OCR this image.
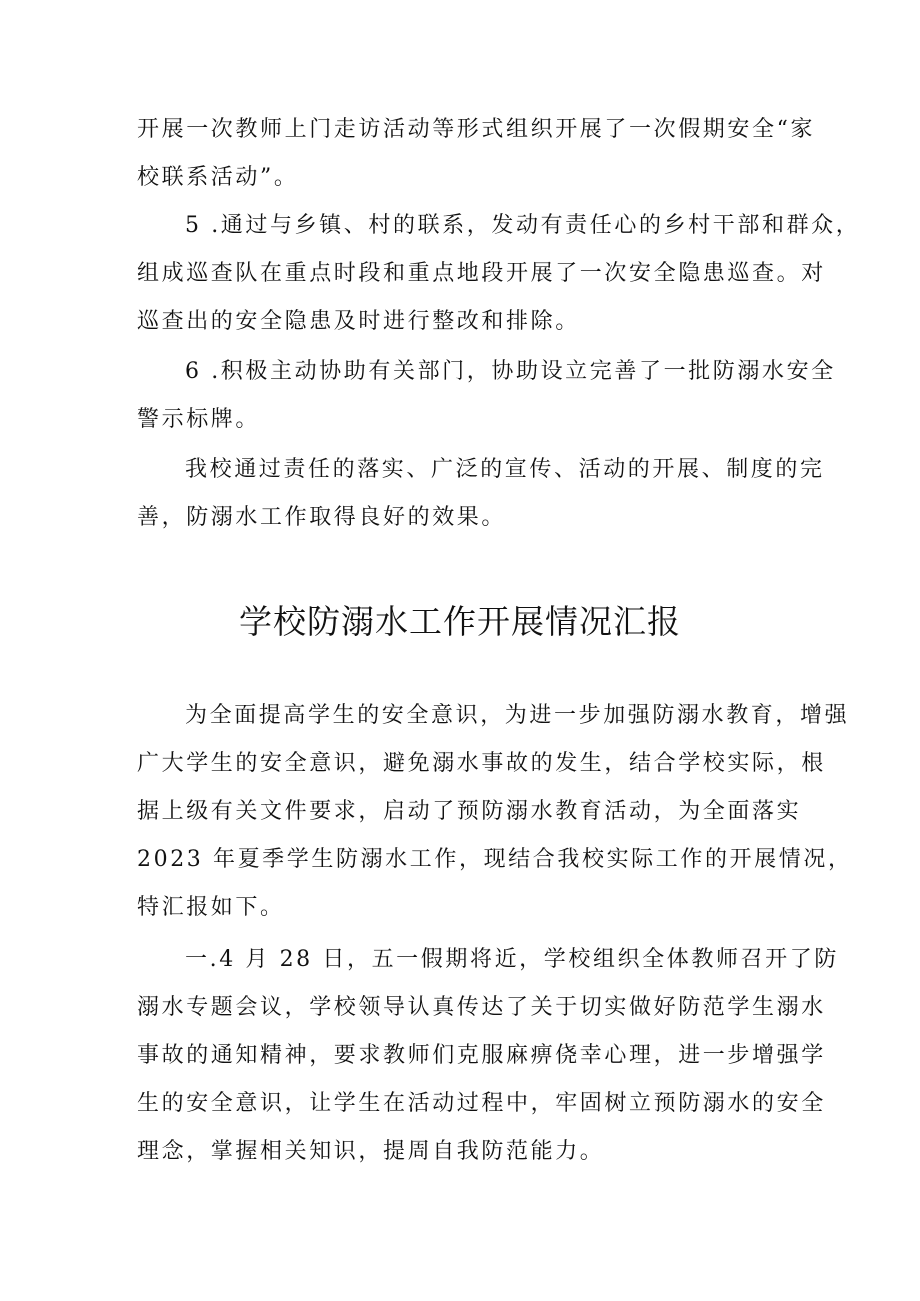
开展一次教师上门走访活动等形式组织开展了一次假期安全“家
校联系活动”。

5 .通过与乡镇、村的联系，发动有责任心的乡村干部和群众，
组成巡查队在重点时段和重点地段开展了一次安全隐患巡查。对
巡查出的安全隐患及时进行整改和排除。

6 .积极主动协助有关部门，协助设立完善了一批防溺水安全
警示标牌。

我校通过责任的落实、广泛的宣传、活动的开展、制度的完
善，防溺水工作取得良好的效果。

学校防溺水工作开展情况汇报

为全面提高学生的安全意识，为进一步加强防溺水教育，增强
广大学生的安全意识，避免溺水事故的发生，结合学校实际，根
据上级有关文件要求，启动了预防溺水教育活动，为全面落实
2023 年夏季学生防溺水工作，现结合我校实际工作的开展情况，
特汇报如下。

一.4 月 28 日，五一假期将近，学校组织全体教师召开了防
溺水专题会议，学校领导认真传达了关于切实做好防范学生溺水
事故的通知精神，要求教师们克服麻痹侥幸心理，进一步增强学
生的安全意识，让学生在活动过程中，牢固树立预防溺水的安全
理念，掌握相关知识，提周自我防范能力。
